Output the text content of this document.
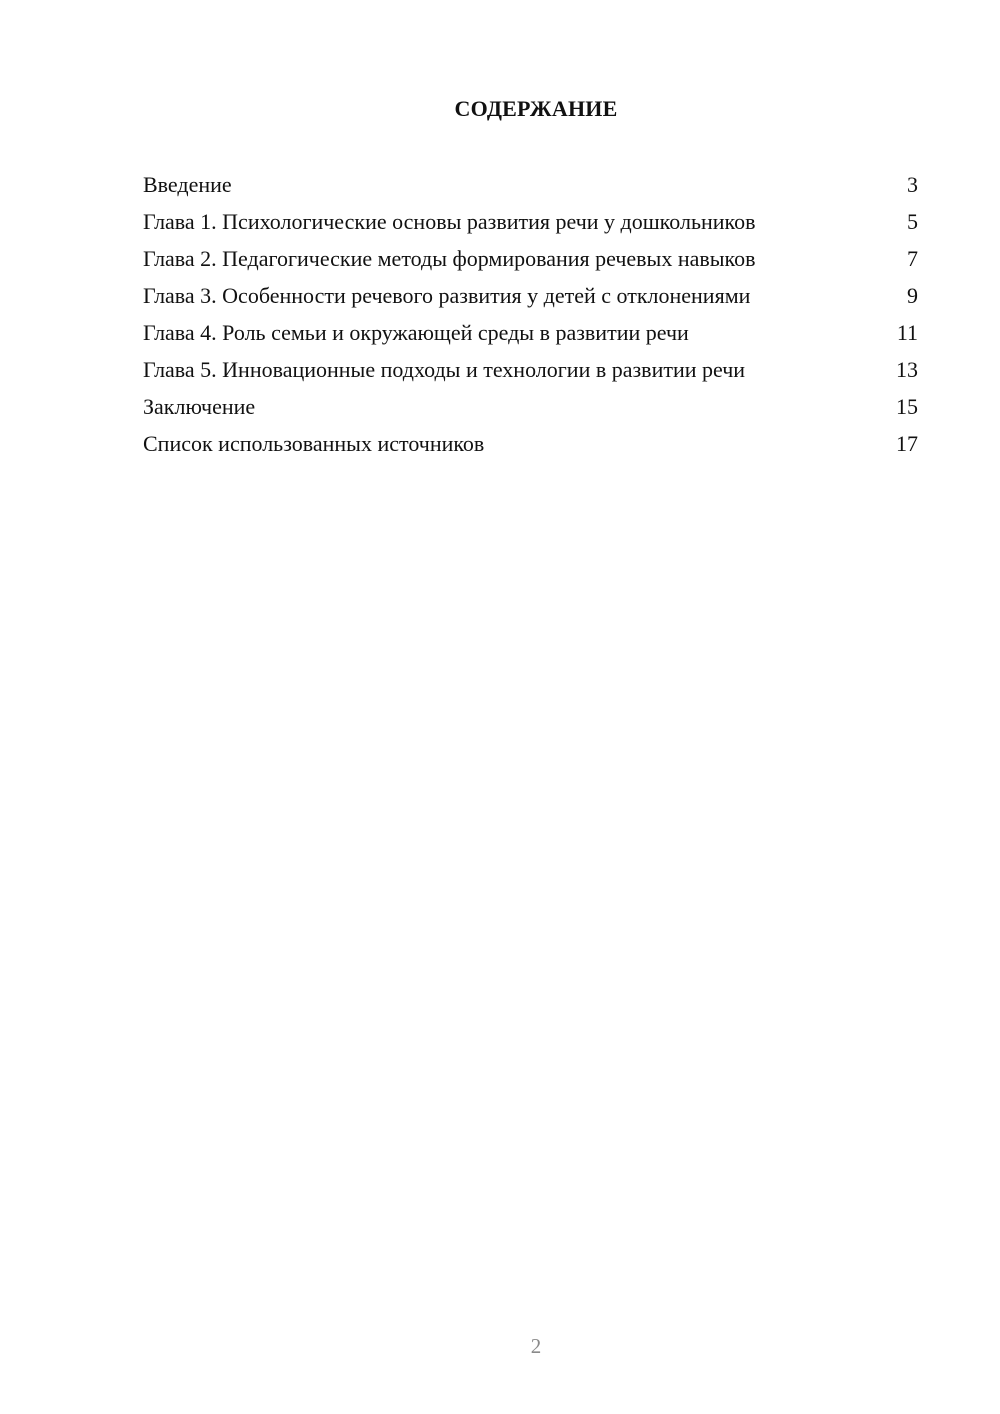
СОДЕРЖАНИЕ
Введение	3
Глава 1. Психологические основы развития речи у дошкольников	5
Глава 2. Педагогические методы формирования речевых навыков	7
Глава 3. Особенности речевого развития у детей с отклонениями	9
Глава 4. Роль семьи и окружающей среды в развитии речи	11
Глава 5. Инновационные подходы и технологии в развитии речи	13
Заключение	15
Список использованных источников	17
2
